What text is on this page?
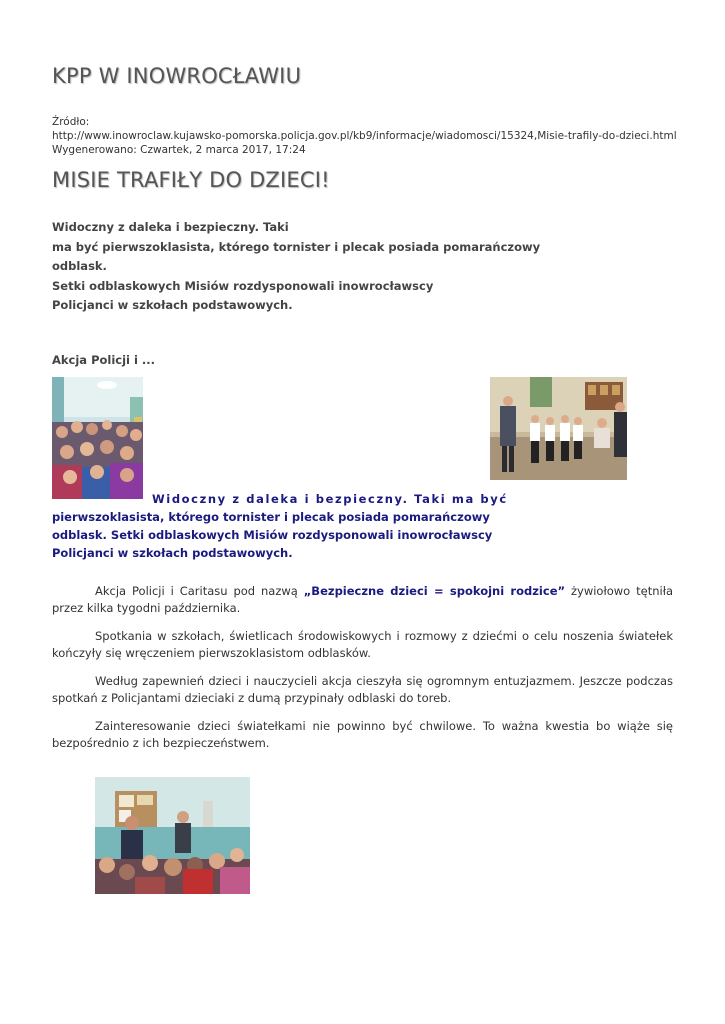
KPP W INOWROCŁAWIU
Źródło:
http://www.inowroclaw.kujawsko-pomorska.policja.gov.pl/kb9/informacje/wiadomosci/15324,Misie-trafily-do-dzieci.html
Wygenerowano: Czwartek, 2 marca 2017, 17:24
MISIE TRAFIŁY DO DZIECI!
Widoczny z daleka i bezpieczny. Taki
ma być pierwszoklasista, którego tornister i plecak posiada pomarańczowy
odblask.
Setki odblaskowych Misiów rozdysponowali inowrocławscy
Policjanci w szkołach podstawowych.
Akcja Policji i ...
Widoczny z daleka i bezpieczny. Taki ma być
pierwszoklasista, którego tornister i plecak posiada pomarańczowy
odblask. Setki odblaskowych Misiów rozdysponowali inowrocławscy
Policjanci w szkołach podstawowych.
Akcja Policji i Caritasu pod nazwą „Bezpieczne dzieci = spokojni rodzice” żywiołowo tętniła przez kilka tygodni października.
Spotkania w szkołach, świetlicach środowiskowych i rozmowy z dziećmi o celu noszenia światełek kończyły się wręczeniem pierwszoklasistom odblasków.
Według zapewnień dzieci i nauczycieli akcja cieszyła się ogromnym entuzjazmem. Jeszcze podczas spotkań z Policjantami dzieciaki z dumą przypinały odblaski do toreb.
Zainteresowanie dzieci światełkami nie powinno być chwilowe. To ważna kwestia bo wiąże się bezpośrednio z ich bezpieczeństwem.
